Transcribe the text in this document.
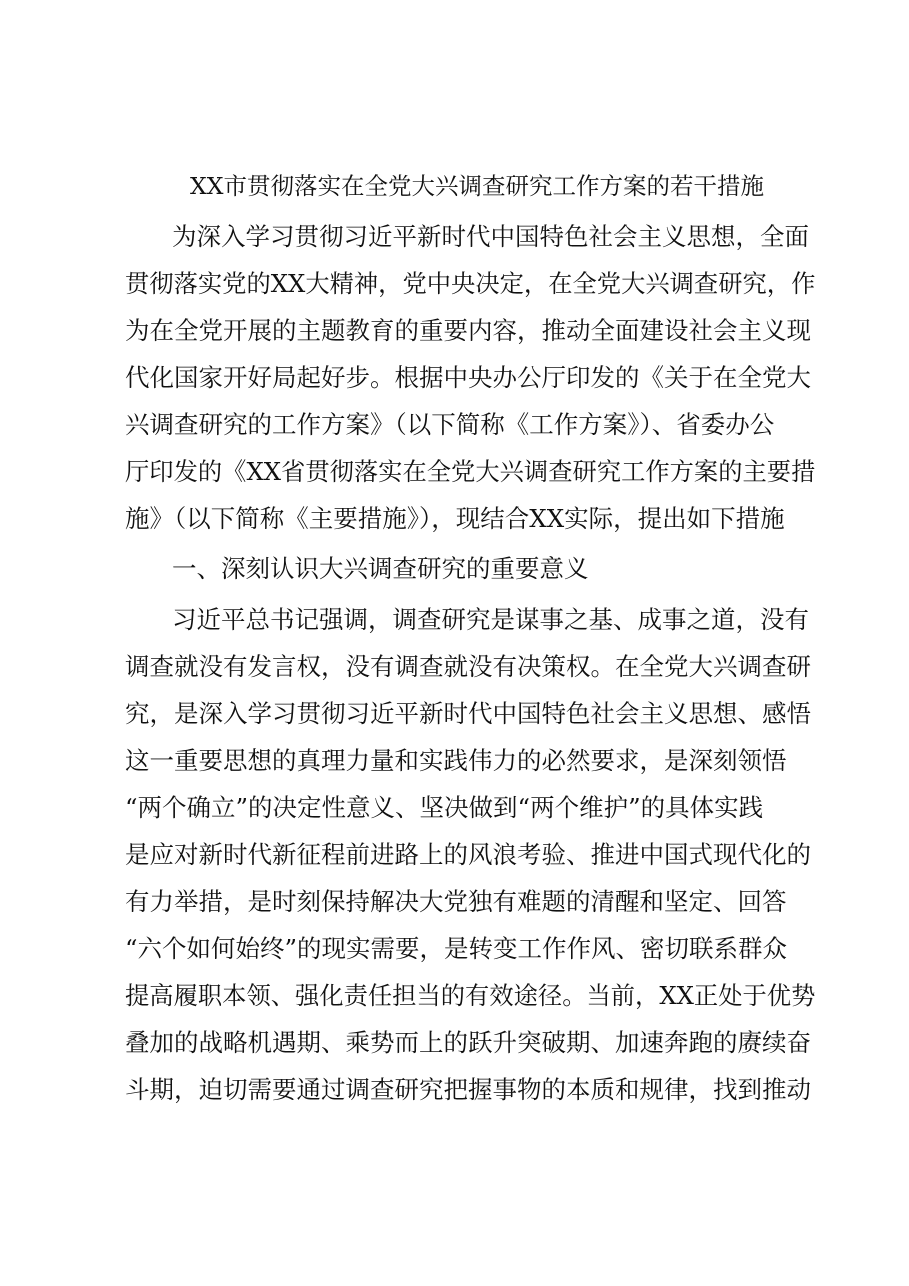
XX市贯彻落实在全党大兴调查研究工作方案的若干措施
为深入学习贯彻习近平新时代中国特色社会主义思想，全面
贯彻落实党的XX大精神，党中央决定，在全党大兴调查研究，作
为在全党开展的主题教育的重要内容，推动全面建设社会主义现
代化国家开好局起好步。根据中央办公厅印发的《关于在全党大
兴调查研究的工作方案》（以下简称《工作方案》）、省委办公
厅印发的《XX省贯彻落实在全党大兴调查研究工作方案的主要措
施》（以下简称《主要措施》），现结合XX实际，提出如下措施
一、深刻认识大兴调查研究的重要意义
习近平总书记强调，调查研究是谋事之基、成事之道，没有
调查就没有发言权，没有调查就没有决策权。在全党大兴调查研
究，是深入学习贯彻习近平新时代中国特色社会主义思想、感悟
这一重要思想的真理力量和实践伟力的必然要求，是深刻领悟
“两个确立”的决定性意义、坚决做到“两个维护”的具体实践
是应对新时代新征程前进路上的风浪考验、推进中国式现代化的
有力举措，是时刻保持解决大党独有难题的清醒和坚定、回答
“六个如何始终”的现实需要，是转变工作作风、密切联系群众
提高履职本领、强化责任担当的有效途径。当前，XX正处于优势
叠加的战略机遇期、乘势而上的跃升突破期、加速奔跑的赓续奋
斗期，迫切需要通过调查研究把握事物的本质和规律，找到推动
